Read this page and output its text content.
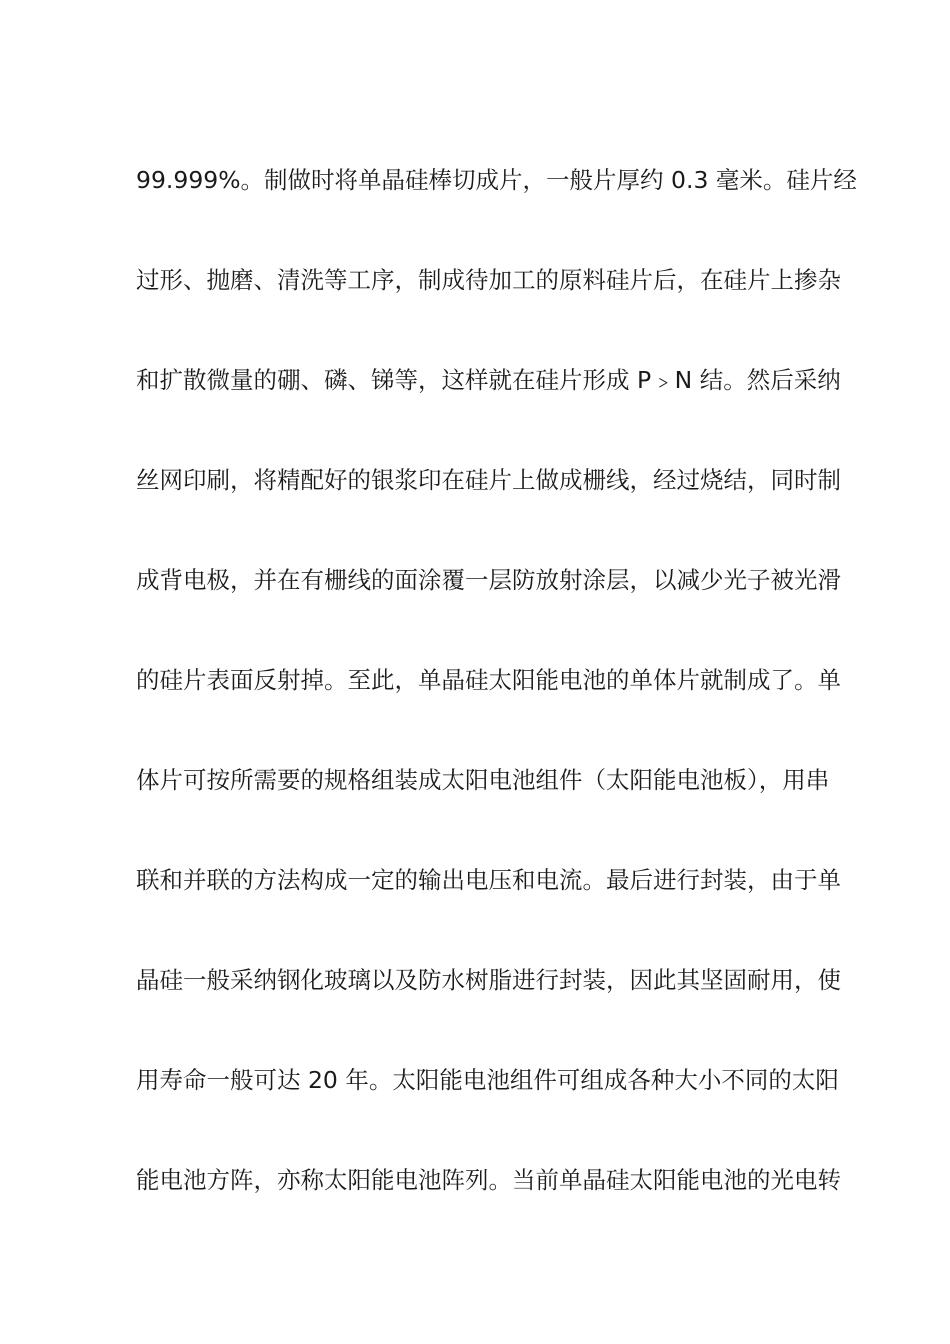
99.999%。制做时将单晶硅棒切成片，一般片厚约 0.3 毫米。硅片经
过形、抛磨、清洗等工序，制成待加工的原料硅片后，在硅片上掺杂
和扩散微量的硼、磷、锑等，这样就在硅片形成 P﹥N 结。然后采纳
丝网印刷，将精配好的银浆印在硅片上做成栅线，经过烧结，同时制
成背电极，并在有栅线的面涂覆一层防放射涂层，以减少光子被光滑
的硅片表面反射掉。至此，单晶硅太阳能电池的单体片就制成了。单
体片可按所需要的规格组装成太阳电池组件（太阳能电池板），用串
联和并联的方法构成一定的输出电压和电流。最后进行封装，由于单
晶硅一般采纳钢化玻璃以及防水树脂进行封装，因此其坚固耐用，使
用寿命一般可达 20 年。太阳能电池组件可组成各种大小不同的太阳
能电池方阵，亦称太阳能电池阵列。当前单晶硅太阳能电池的光电转
